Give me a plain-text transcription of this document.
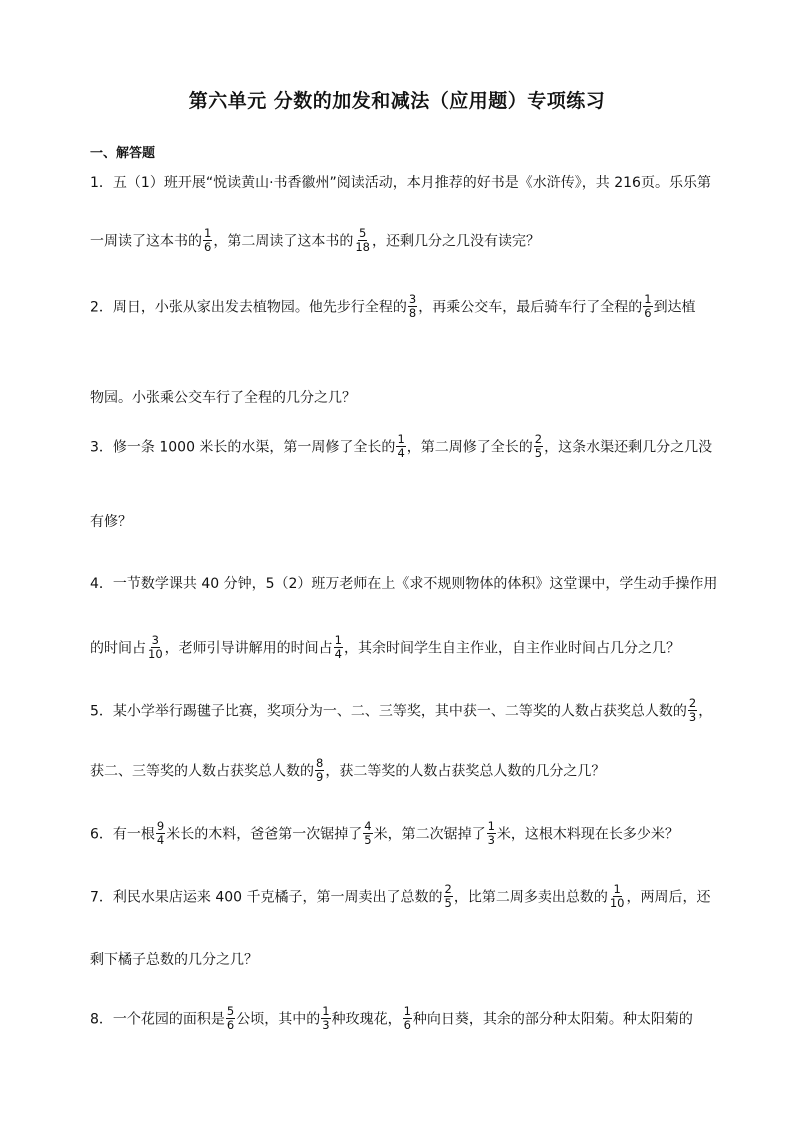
第六单元 分数的加发和减法（应用题）专项练习
一、解答题
1．五（1）班开展“悦读黄山·书香徽州”阅读活动，本月推荐的好书是《水浒传》，共 216页。乐乐第
一周读了这本书的 $\frac{1}{6}$ ，第二周读了这本书的 $\frac{5}{18}$ ，还剩几分之几没有读完？
2．周日，小张从家出发去植物园。他先步行全程的 $\frac{3}{8}$ ，再乘公交车，最后骑车行了全程的 $\frac{1}{6}$ 到达植
物园。小张乘公交车行了全程的几分之几？
3．修一条 1000 米长的水渠，第一周修了全长的 $\frac{1}{4}$ ，第二周修了全长的 $\frac{2}{5}$ ，这条水渠还剩几分之几没
有修？
4．一节数学课共 40 分钟，5（2）班万老师在上《求不规则物体的体积》这堂课中，学生动手操作用
的时间占 $\frac{3}{10}$ ，老师引导讲解用的时间占 $\frac{1}{4}$ ，其余时间学生自主作业，自主作业时间占几分之几？
5．某小学举行踢毽子比赛，奖项分为一、二、三等奖，其中获一、二等奖的人数占获奖总人数的 $\frac{2}{3}$ ，
获二、三等奖的人数占获奖总人数的 $\frac{8}{9}$ ，获二等奖的人数占获奖总人数的几分之几？
6．有一根 $\frac{9}{4}$ 米长的木料，爸爸第一次锯掉了 $\frac{4}{5}$ 米，第二次锯掉了 $\frac{1}{3}$ 米，这根木料现在长多少米？
7．利民水果店运来 400 千克橘子，第一周卖出了总数的 $\frac{2}{5}$ ，比第二周多卖出总数的 $\frac{1}{10}$ ，两周后，还
剩下橘子总数的几分之几？
8．一个花园的面积是 $\frac{5}{6}$ 公顷，其中的 $\frac{1}{3}$ 种玫瑰花， $\frac{1}{6}$ 种向日葵，其余的部分种太阳菊。种太阳菊的
